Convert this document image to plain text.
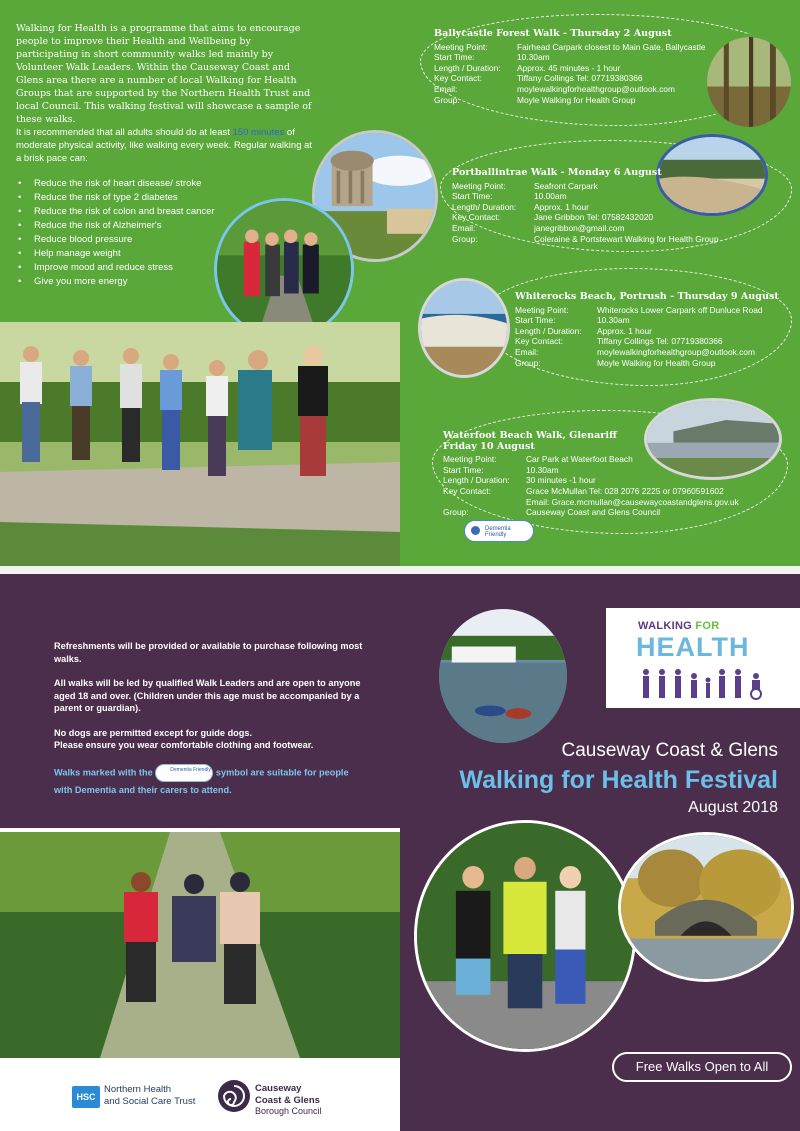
Walking for Health is a programme that aims to encourage people to improve their Health and Wellbeing by participating in short community walks led mainly by Volunteer Walk Leaders. Within the Causeway Coast and Glens area there are a number of local Walking for Health Groups that are supported by the Northern Health Trust and local Council. This walking festival will showcase a sample of these walks.
It is recommended that all adults should do at least 150 minutes of moderate physical activity, like walking every week. Regular walking at a brisk pace can:
• Reduce the risk of heart disease/ stroke
• Reduce the risk of type 2 diabetes
• Reduce the risk of colon and breast cancer
• Reduce the risk of Alzheimer's
• Reduce blood pressure
• Help manage weight
• Improve mood and reduce stress
• Give you more energy
Ballycastle Forest Walk - Thursday 2 August
Meeting Point:	Fairhead Carpark closest to Main Gate, Ballycastle
Start Time:	10.30am
Length / Duration:	Approx. 45 minutes - 1 hour
Key Contact:	Tiffany Collings Tel: 07719380366
Email:	moylewalkingforhealthgroup@outlook.com
Group:	Moyle Walking for Health Group
Portballintrae Walk - Monday 6 August
Meeting Point:	Seafront Carpark
Start Time:	10.00am
Length/ Duration:	Approx. 1 hour
Key Contact:	Jane Gribbon Tel: 07582432020
Email:	janegribbon@gmail.com
Group:	Coleraine & Portstewart Walking for Health Group
Whiterocks Beach, Portrush - Thursday 9 August
Meeting Point:	Whiterocks Lower Carpark off Dunluce Road
Start Time:	10.30am
Length / Duration:	Approx. 1 hour
Key Contact:	Tiffany Collings Tel: 07719380366
Email:	moylewalkingforhealthgroup@outlook.com
Group:	Moyle Walking for Health Group
Waterfoot Beach Walk, Glenariff
Friday 10 August
Meeting Point:	Car Park at Waterfoot Beach
Start Time:	10.30am
Length / Duration:	30 minutes -1 hour
Key Contact:	Grace McMullan Tel: 028 2076 2225 or 07960591602
Email: Grace.mcmullan@causewaycoastandglens.gov.uk
Group:	Causeway Coast and Glens Council
Dementia Friendly

Refreshments will be provided or available to purchase following most walks.

All walks will be led by qualified Walk Leaders and are open to anyone aged 18 and over. (Children under this age must be accompanied by a parent or guardian).

No dogs are permitted except for guide dogs.

Please ensure you wear comfortable clothing and footwear.

Walks marked with the	Dementia Friendly symbol are suitable for people with Dementia and their carers to attend.

WALKING FOR
HEALTH
Causeway Coast & Glens
Walking for Health Festival
August 2018
Free Walks Open to All
HSC
Northern Health
and Social Care Trust
Causeway
Coast & Glens
Borough Council
